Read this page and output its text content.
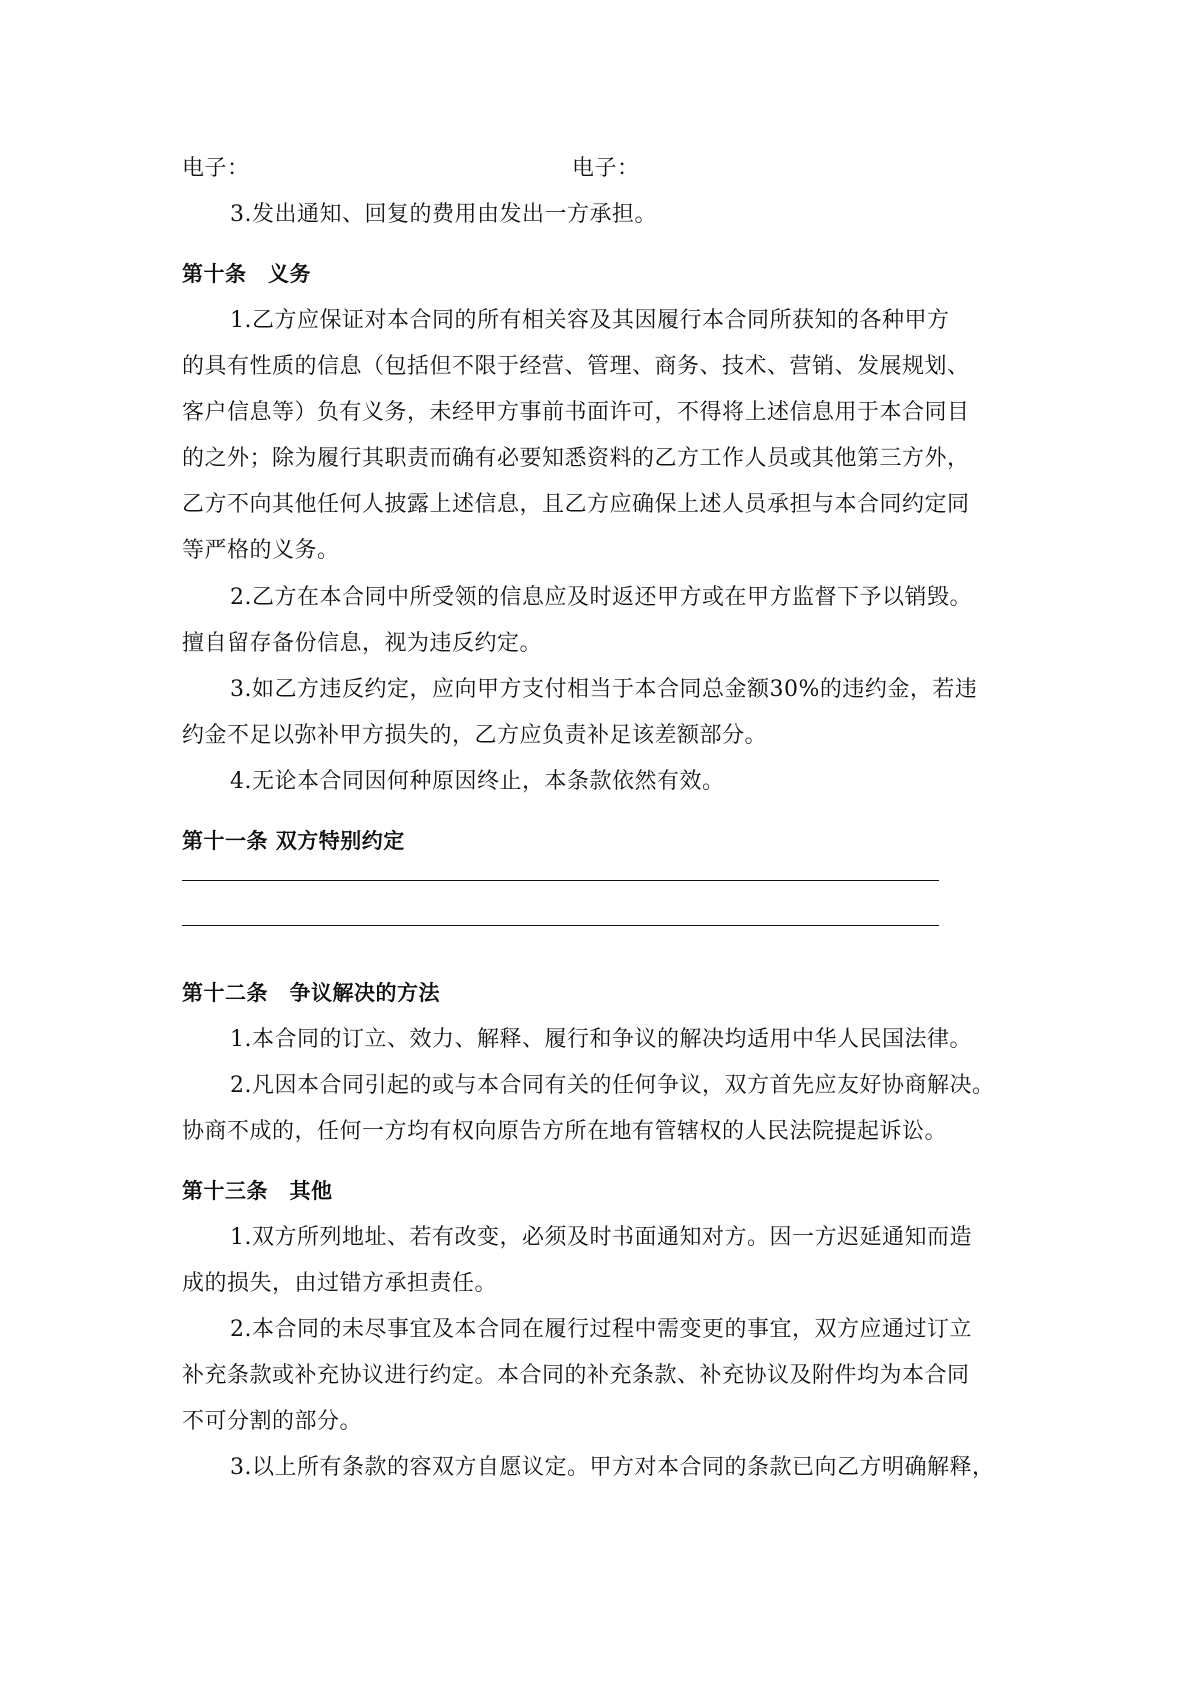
电子：	电子：
3.发出通知、回复的费用由发出一方承担。
第十条　义务
1.乙方应保证对本合同的所有相关容及其因履行本合同所获知的各种甲方
的具有性质的信息（包括但不限于经营、管理、商务、技术、营销、发展规划、
客户信息等）负有义务，未经甲方事前书面许可，不得将上述信息用于本合同目
的之外；除为履行其职责而确有必要知悉资料的乙方工作人员或其他第三方外，
乙方不向其他任何人披露上述信息，且乙方应确保上述人员承担与本合同约定同
等严格的义务。
2.乙方在本合同中所受领的信息应及时返还甲方或在甲方监督下予以销毁。
擅自留存备份信息，视为违反约定。
3.如乙方违反约定，应向甲方支付相当于本合同总金额30%的违约金，若违
约金不足以弥补甲方损失的，乙方应负责补足该差额部分。
4.无论本合同因何种原因终止，本条款依然有效。
第十一条 双方特别约定
第十二条　争议解决的方法
1.本合同的订立、效力、解释、履行和争议的解决均适用中华人民国法律。
2.凡因本合同引起的或与本合同有关的任何争议，双方首先应友好协商解决。
协商不成的，任何一方均有权向原告方所在地有管辖权的人民法院提起诉讼。
第十三条　其他
1.双方所列地址、若有改变，必须及时书面通知对方。因一方迟延通知而造
成的损失，由过错方承担责任。
2.本合同的未尽事宜及本合同在履行过程中需变更的事宜，双方应通过订立
补充条款或补充协议进行约定。本合同的补充条款、补充协议及附件均为本合同
不可分割的部分。
3.以上所有条款的容双方自愿议定。甲方对本合同的条款已向乙方明确解释，
